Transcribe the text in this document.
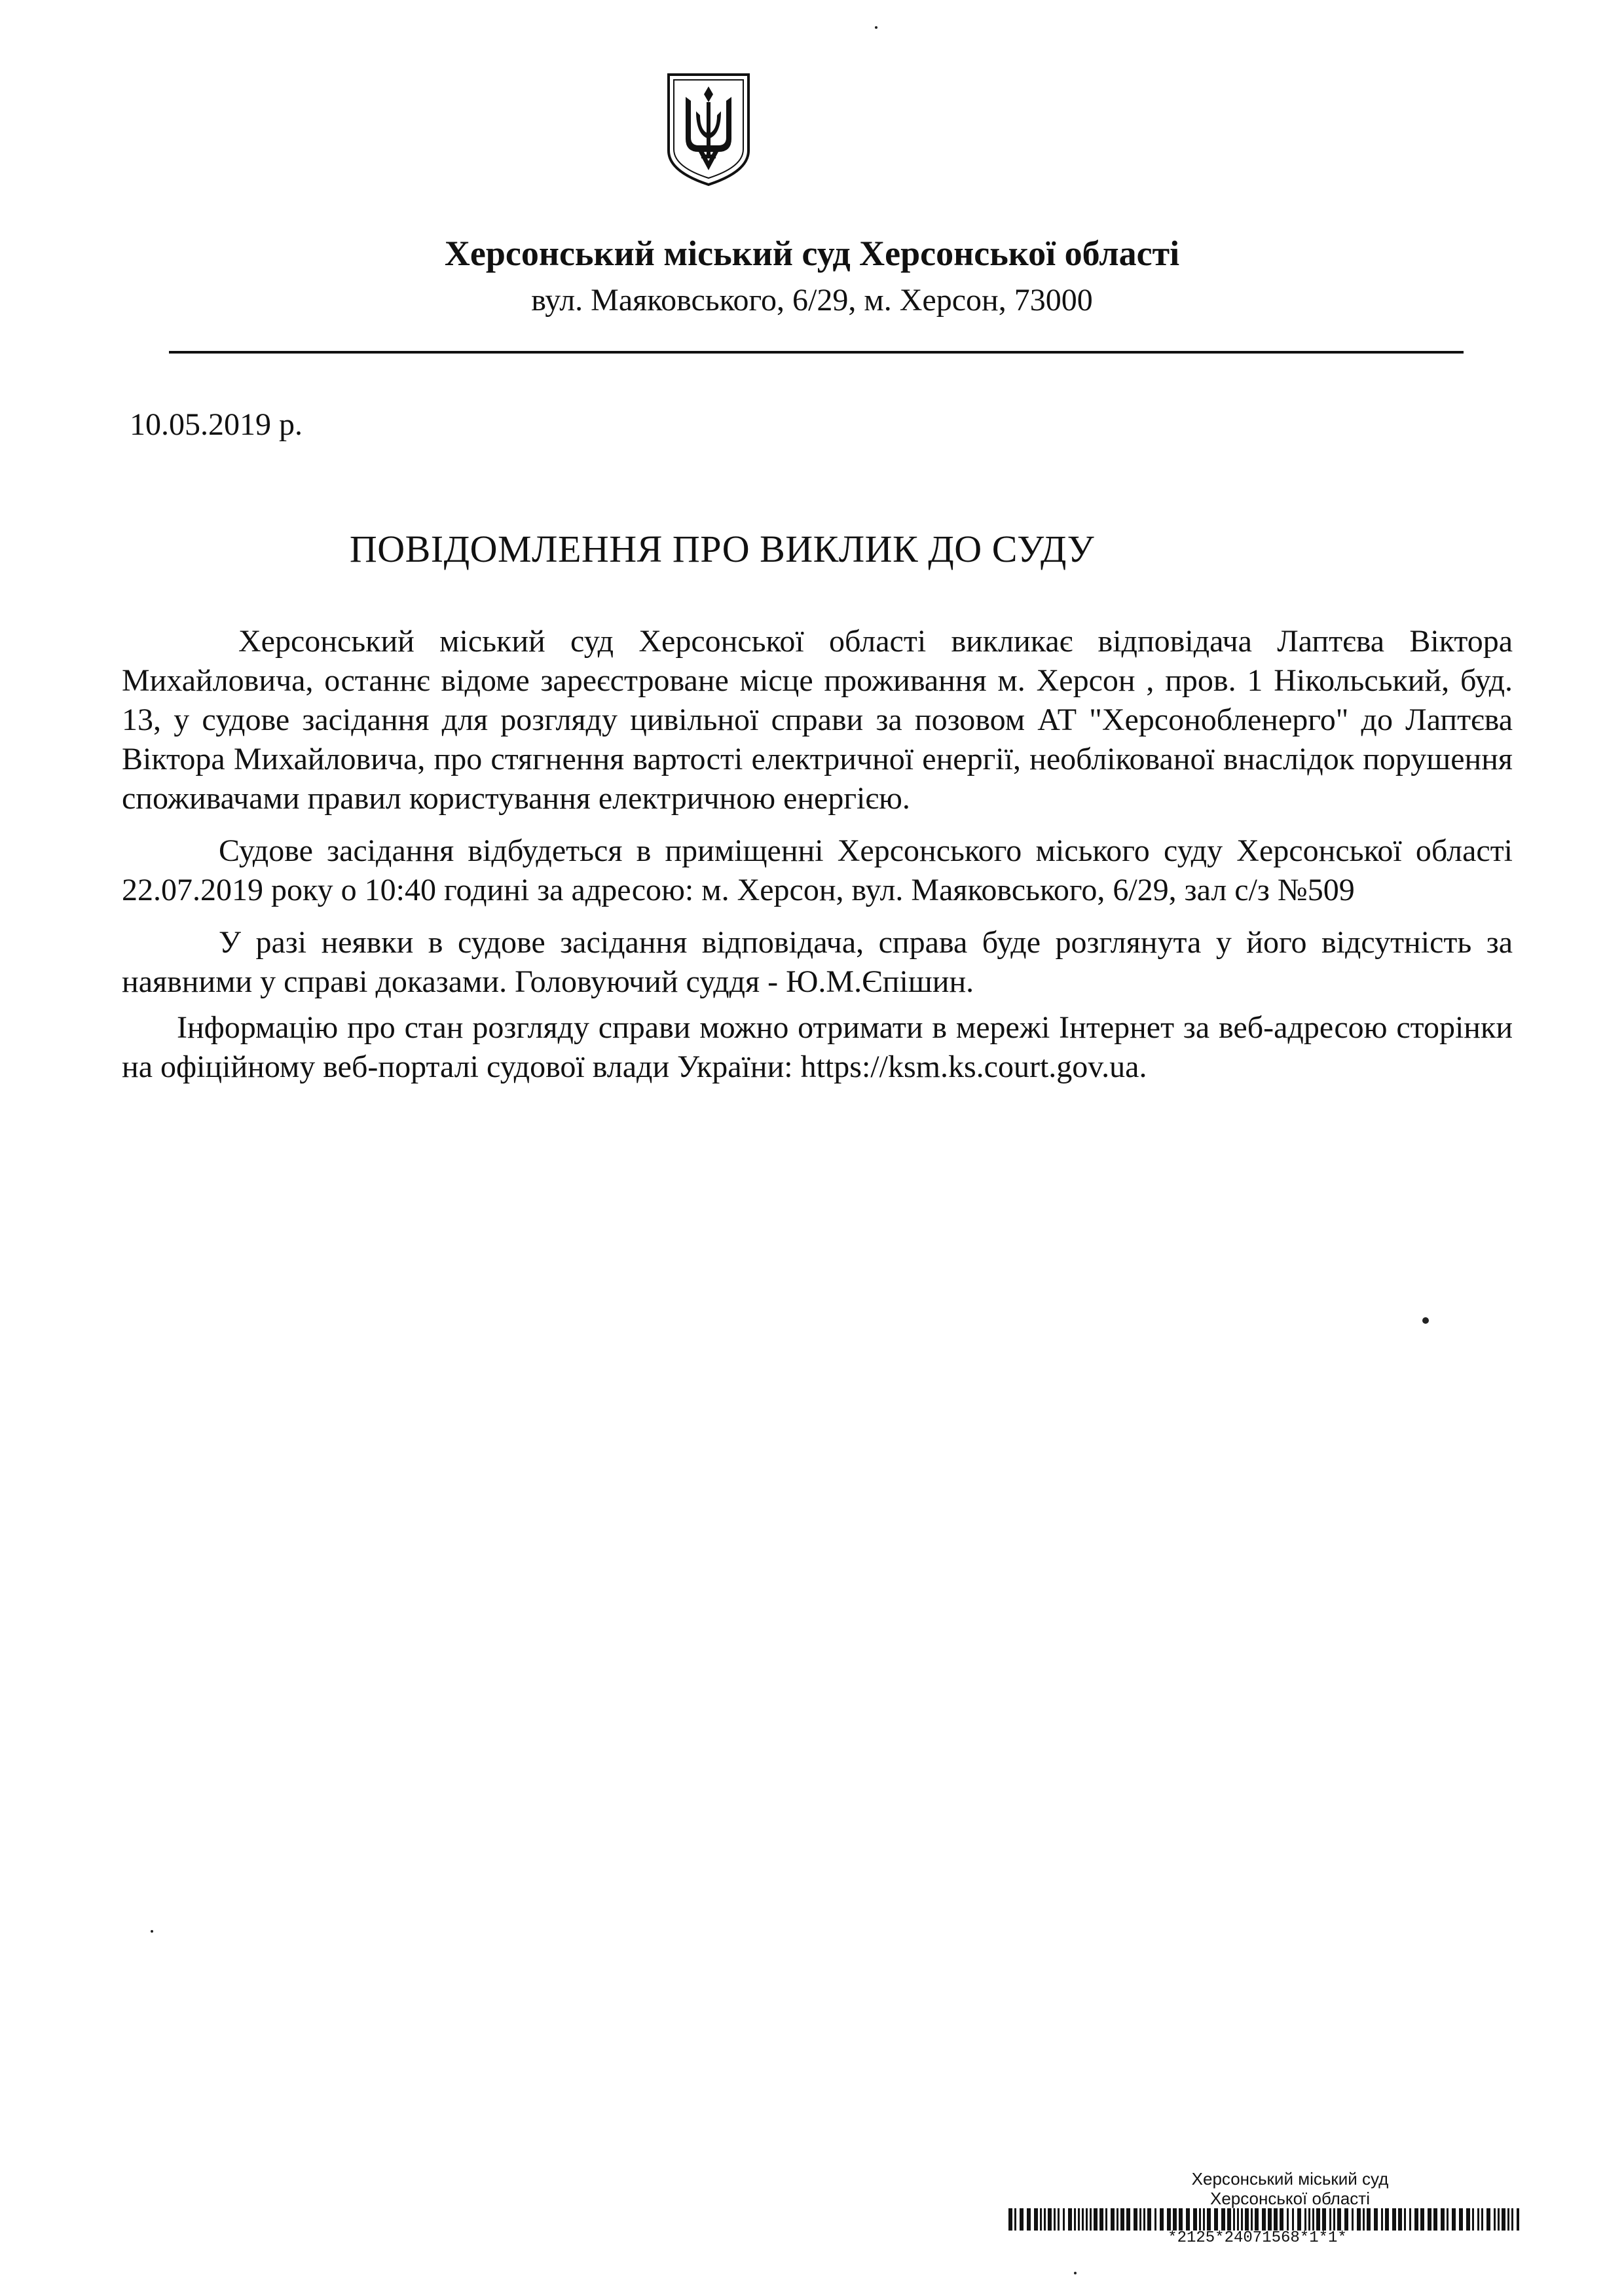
Херсонський міський суд Херсонської області
вул. Маяковського, 6/29, м. Херсон, 73000
10.05.2019 р.
ПОВІДОМЛЕННЯ ПРО ВИКЛИК ДО СУДУ

Херсонський міський суд Херсонської області викликає відповідача Лаптєва Віктора Михайловича, останнє відоме зареєстроване місце проживання м. Херсон , пров. 1 Нікольський, буд. 13, у судове засідання для розгляду цивільної справи за позовом АТ "Херсонобленерго" до Лаптєва Віктора Михайловича, про стягнення вартості електричної енергії, необлікованої внаслідок порушення споживачами правил користування електричною енергією.

Судове засідання відбудеться в приміщенні Херсонського міського суду Херсонської області 22.07.2019 року о 10:40 годині за адресою: м. Херсон, вул. Маяковського, 6/29, зал с/з №509

У разі неявки в судове засідання відповідача, справа буде розглянута у його відсутність за наявними у справі доказами. Головуючий суддя - Ю.М.Єпішин.

Інформацію про стан розгляду справи можно отримати в мережі Інтернет за веб-адресою сторінки на офіційному веб-порталі судової влади України: https://ksm.ks.court.gov.ua.

Херсонський міський суд
Херсонської області
*2125*24071568*1*1*
